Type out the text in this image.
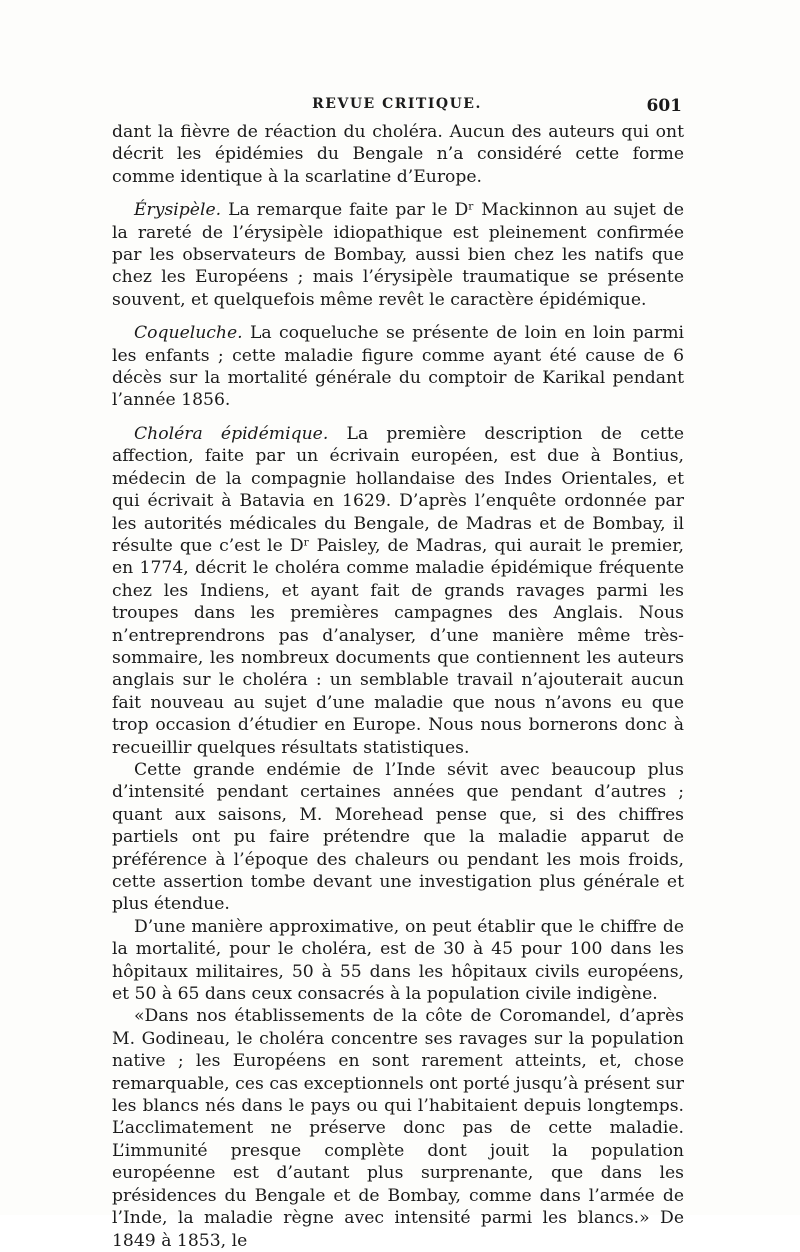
REVUE CRITIQUE.	601

dant la fièvre de réaction du choléra. Aucun des auteurs qui ont décrit les épidémies du Bengale n’a considéré cette forme comme identique à la scarlatine d’Europe.

Érysipèle. La remarque faite par le Dʳ Mackinnon au sujet de la rareté de l’érysipèle idiopathique est pleinement confirmée par les observateurs de Bombay, aussi bien chez les natifs que chez les Européens ; mais l’érysipèle traumatique se présente souvent, et quelquefois même revêt le caractère épidémique.

Coqueluche. La coqueluche se présente de loin en loin parmi les enfants ; cette maladie figure comme ayant été cause de 6 décès sur la mortalité générale du comptoir de Karikal pendant l’année 1856.

Choléra épidémique. La première description de cette affection, faite par un écrivain européen, est due à Bontius, médecin de la compagnie hollandaise des Indes Orientales, et qui écrivait à Batavia en 1629. D’après l’enquête ordonnée par les autorités médicales du Bengale, de Madras et de Bombay, il résulte que c’est le Dʳ Paisley, de Madras, qui aurait le premier, en 1774, décrit le choléra comme maladie épidémique fréquente chez les Indiens, et ayant fait de grands ravages parmi les troupes dans les premières campagnes des Anglais. Nous n’entreprendrons pas d’analyser, d’une manière même très-sommaire, les nombreux documents que contiennent les auteurs anglais sur le choléra : un semblable travail n’ajouterait aucun fait nouveau au sujet d’une maladie que nous n’avons eu que trop occasion d’étudier en Europe. Nous nous bornerons donc à recueillir quelques résultats statistiques.

Cette grande endémie de l’Inde sévit avec beaucoup plus d’intensité pendant certaines années que pendant d’autres ; quant aux saisons, M. Morehead pense que, si des chiffres partiels ont pu faire prétendre que la maladie apparut de préférence à l’époque des chaleurs ou pendant les mois froids, cette assertion tombe devant une investigation plus générale et plus étendue.

D’une manière approximative, on peut établir que le chiffre de la mortalité, pour le choléra, est de 30 à 45 pour 100 dans les hôpitaux militaires, 50 à 55 dans les hôpitaux civils européens, et 50 à 65 dans ceux consacrés à la population civile indigène.

«Dans nos établissements de la côte de Coromandel, d’après M. Godineau, le choléra concentre ses ravages sur la population native ; les Européens en sont rarement atteints, et, chose remarquable, ces cas exceptionnels ont porté jusqu’à présent sur les blancs nés dans le pays ou qui l’habitaient depuis longtemps. L’acclimatement ne préserve donc pas de cette maladie. L’immunité presque complète dont jouit la population européenne est d’autant plus surprenante, que dans les présidences du Bengale et de Bombay, comme dans l’armée de l’Inde, la maladie règne avec intensité parmi les blancs.» De 1849 à 1853, le
